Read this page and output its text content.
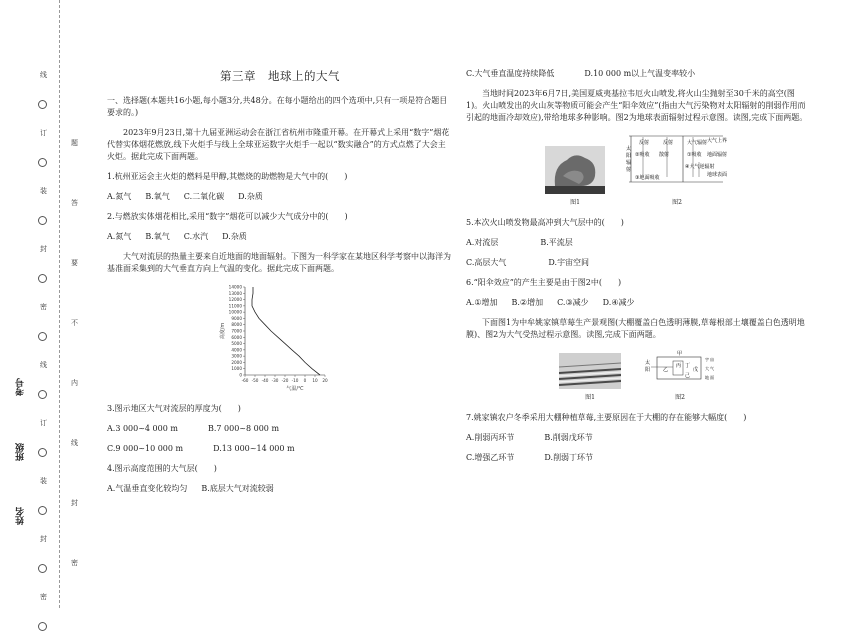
线
订
装
封
密
线
订
装
封
密
题
答
要
不
内
线
封
密
考号
班级
姓名
第三章　地球上的大气

一、选择题(本题共16小题,每小题3分,共48分。在每小题给出的四个选项中,只有一项是符合题目要求的。)

2023年9月23日,第十九届亚洲运动会在浙江省杭州市隆重开幕。在开幕式上采用“数字”烟花代替实体烟花燃放,线下火炬手与线上全球亚运数字火炬手一起以“数实融合”的方式点燃了大会主火炬。据此完成下面两题。

1.杭州亚运会主火炬的燃料是甲醇,其燃烧的助燃物是大气中的(　　)

A.氮气 B.氧气 C.二氧化碳 D.杂质

2.与燃放实体烟花相比,采用“数字”烟花可以减少大气成分中的(　　)

A.氮气 B.氧气 C.水汽 D.杂质

大气对流层的热量主要来自近地面的地面辐射。下图为一科学家在某地区科学考察中以海洋为基准面采集到的大气垂直方向上气温的变化。据此完成下面两题。

0
1000
2000
3000
4000
5000
6000
7000
8000
9000
10000
11000
12000
13000
14000
-60 -50 -40 -30 -20 -10 0 10 20
高度/m
气温/℃

3.图示地区大气对流层的厚度为(　　)

A.3 000~4 000 m	B.7 000~8 000 m
C.9 000~10 000 m	D.13 000~14 000 m

4.图示高度范围的大气层(　　)

A.气温垂直变化较均匀 B.底层大气对流较弱
C.大气垂直温度持续降低	D.10 000 m以上气温变率较小

当地时间2023年6月7日,美国夏威夷基拉韦厄火山喷发,将火山尘抛射至30千米的高空(图1)。火山喷发出的火山灰等物质可能会产生“阳伞效应”(指由大气污染物对太阳辐射的削弱作用而引起的地面冷却效应),带给地球多种影响。图2为地球表面辐射过程示意图。读图,完成下面两题。

图1
太
阳
辐
射
反射	反射	大气辐射 大气上界
②吸收 散射	①吸收 地面辐射
④大气逆辐射
③地面吸收	地球表面
图2

5.本次火山喷发物最高冲到大气层中的(　　)

A.对流层	B.平流层
C.高层大气	D.宇宙空间

6.“阳伞效应”的产生主要是由于图2中(　　)

A.①增加 B.②增加 C.③减少 D.④减少

下面图1为中牟姚家镇草莓生产景观图(大棚覆盖白色透明薄膜,草莓根部土壤覆盖白色透明地膜)、图2为大气受热过程示意图。读图,完成下面两题。

图1
甲
太
阳	乙
丙 丁
戊
己
宇 宙
大 气
地 面
图2

7.姚家镇农户冬季采用大棚种植草莓,主要原因在于大棚的存在能够大幅度(　　)

A.削弱丙环节	B.削弱戊环节
C.增强乙环节	D.削弱丁环节
